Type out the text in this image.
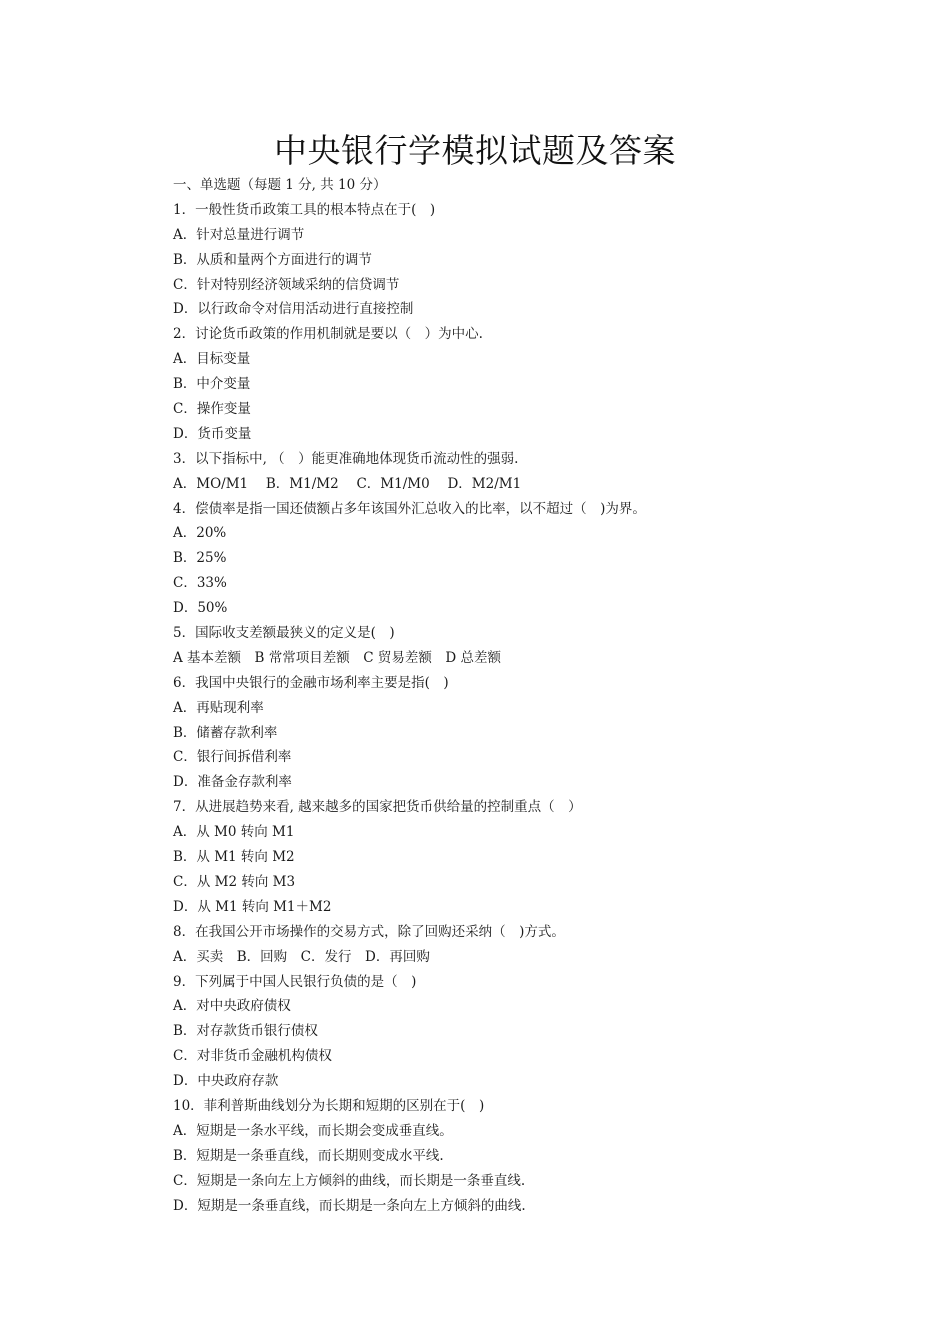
中央银行学模拟试题及答案
一、单选题（每题 1 分, 共 10 分）
1．一般性货币政策工具的根本特点在于(　)
A．针对总量进行调节
B．从质和量两个方面进行的调节
C．针对特别经济领域采纳的信贷调节
D．以行政命令对信用活动进行直接控制
2．讨论货币政策的作用机制就是要以（　）为中心.
A．目标变量
B．中介变量
C．操作变量
D．货币变量
3．以下指标中, （　）能更准确地体现货币流动性的强弱.
A．MO/M1　 B．M1/M2　 C．M1/M0　 D．M2/M1
4．偿债率是指一国还债额占多年该国外汇总收入的比率，以不超过（　)为界。
A．20%
B．25%
C．33%
D．50%
5．国际收支差额最狭义的定义是(　)
A 基本差额　B 常常项目差额　C 贸易差额　D 总差额
6．我国中央银行的金融市场利率主要是指(　)
A．再贴现利率
B．储蓄存款利率
C．银行间拆借利率
D．准备金存款利率
7．从进展趋势来看, 越来越多的国家把货币供给量的控制重点（　）
A．从 M0 转向 M1
B．从 M1 转向 M2
C．从 M2 转向 M3
D．从 M1 转向 M1＋M2
8．在我国公开市场操作的交易方式，除了回购还采纳（　)方式。
A．买卖　B．回购　C．发行　D．再回购
9．下列属于中国人民银行负债的是（　)
A．对中央政府债权
B．对存款货币银行债权
C．对非货币金融机构债权
D．中央政府存款
10．菲利普斯曲线划分为长期和短期的区别在于(　)
A．短期是一条水平线，而长期会变成垂直线。
B．短期是一条垂直线，而长期则变成水平线.
C．短期是一条向左上方倾斜的曲线，而长期是一条垂直线.
D．短期是一条垂直线，而长期是一条向左上方倾斜的曲线.
